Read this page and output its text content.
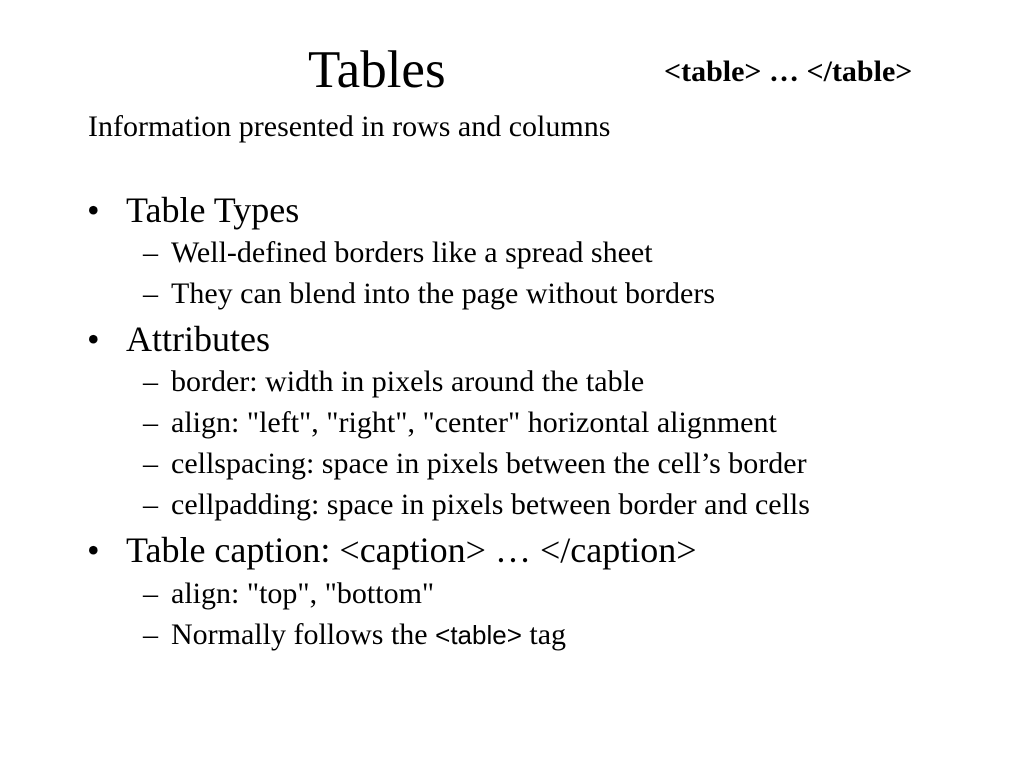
Tables	<table> … </table>
Information presented in rows and columns
• Table Types
– Well-defined borders like a spread sheet
– They can blend into the page without borders
• Attributes
– border: width in pixels around the table
– align: "left", "right", "center" horizontal alignment
– cellspacing: space in pixels between the cell’s border
– cellpadding: space in pixels between border and cells
• Table caption: <caption> … </caption>
– align: "top", "bottom"
– Normally follows the <table> tag
